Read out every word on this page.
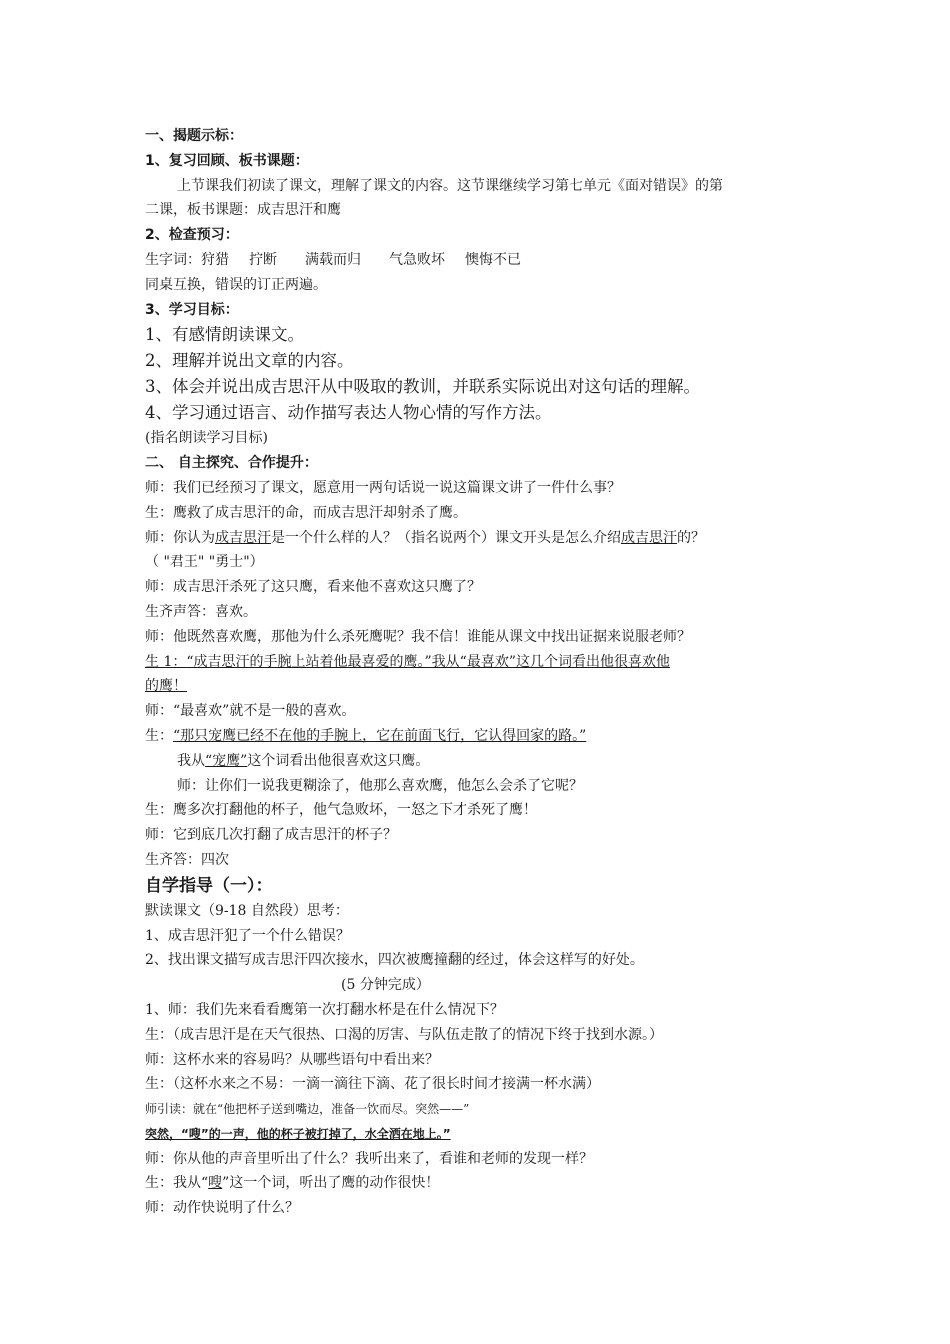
一、揭题示标：
1、复习回顾、板书课题：
上节课我们初读了课文，理解了课文的内容。这节课继续学习第七单元《面对错误》的第
二课，板书课题：成吉思汗和鹰
2、检查预习：
生字词：狩猎 拧断 满载而归 气急败坏 懊悔不已
同桌互换，错误的订正两遍。
3、学习目标：
1、有感情朗读课文。
2、理解并说出文章的内容。
3、体会并说出成吉思汗从中吸取的教训，并联系实际说出对这句话的理解。
4、学习通过语言、动作描写表达人物心情的写作方法。
(指名朗读学习目标)
二、 自主探究、合作提升：
师：我们已经预习了课文，愿意用一两句话说一说这篇课文讲了一件什么事？
生：鹰救了成吉思汗的命，而成吉思汗却射杀了鹰。
师：你认为成吉思汗是一个什么样的人？（指名说两个）课文开头是怎么介绍成吉思汗的？
（ "君王" "勇士"）
师：成吉思汗杀死了这只鹰，看来他不喜欢这只鹰了？
生齐声答：喜欢。
师：他既然喜欢鹰，那他为什么杀死鹰呢？我不信！谁能从课文中找出证据来说服老师？
生 1：“成吉思汗的手腕上站着他最喜爱的鹰。”我从“最喜欢”这几个词看出他很喜欢他
的鹰！
师：“最喜欢”就不是一般的喜欢。
生：“那只宠鹰已经不在他的手腕上，它在前面飞行，它认得回家的路。”
我从“宠鹰”这个词看出他很喜欢这只鹰。
师：让你们一说我更糊涂了，他那么喜欢鹰，他怎么会杀了它呢？
生：鹰多次打翻他的杯子，他气急败坏，一怒之下才杀死了鹰！
师：它到底几次打翻了成吉思汗的杯子？
生齐答：四次
自学指导（一）：
默读课文（9-18 自然段）思考：
1、成吉思汗犯了一个什么错误？
2、找出课文描写成吉思汗四次接水，四次被鹰撞翻的经过，体会这样写的好处。
(5 分钟完成）
1、师：我们先来看看鹰第一次打翻水杯是在什么情况下？
生：（成吉思汗是在天气很热、口渴的厉害、与队伍走散了的情况下终于找到水源。）
师：这杯水来的容易吗？从哪些语句中看出来？
生：（这杯水来之不易：一滴一滴往下滴、花了很长时间才接满一杯水满）
师引读：就在“他把杯子送到嘴边，准备一饮而尽。突然——”
突然，“嗖”的一声，他的杯子被打掉了，水全洒在地上。”
师：你从他的声音里听出了什么？我听出来了，看谁和老师的发现一样？
生：我从“嗖”这一个词，听出了鹰的动作很快！
师：动作快说明了什么？
